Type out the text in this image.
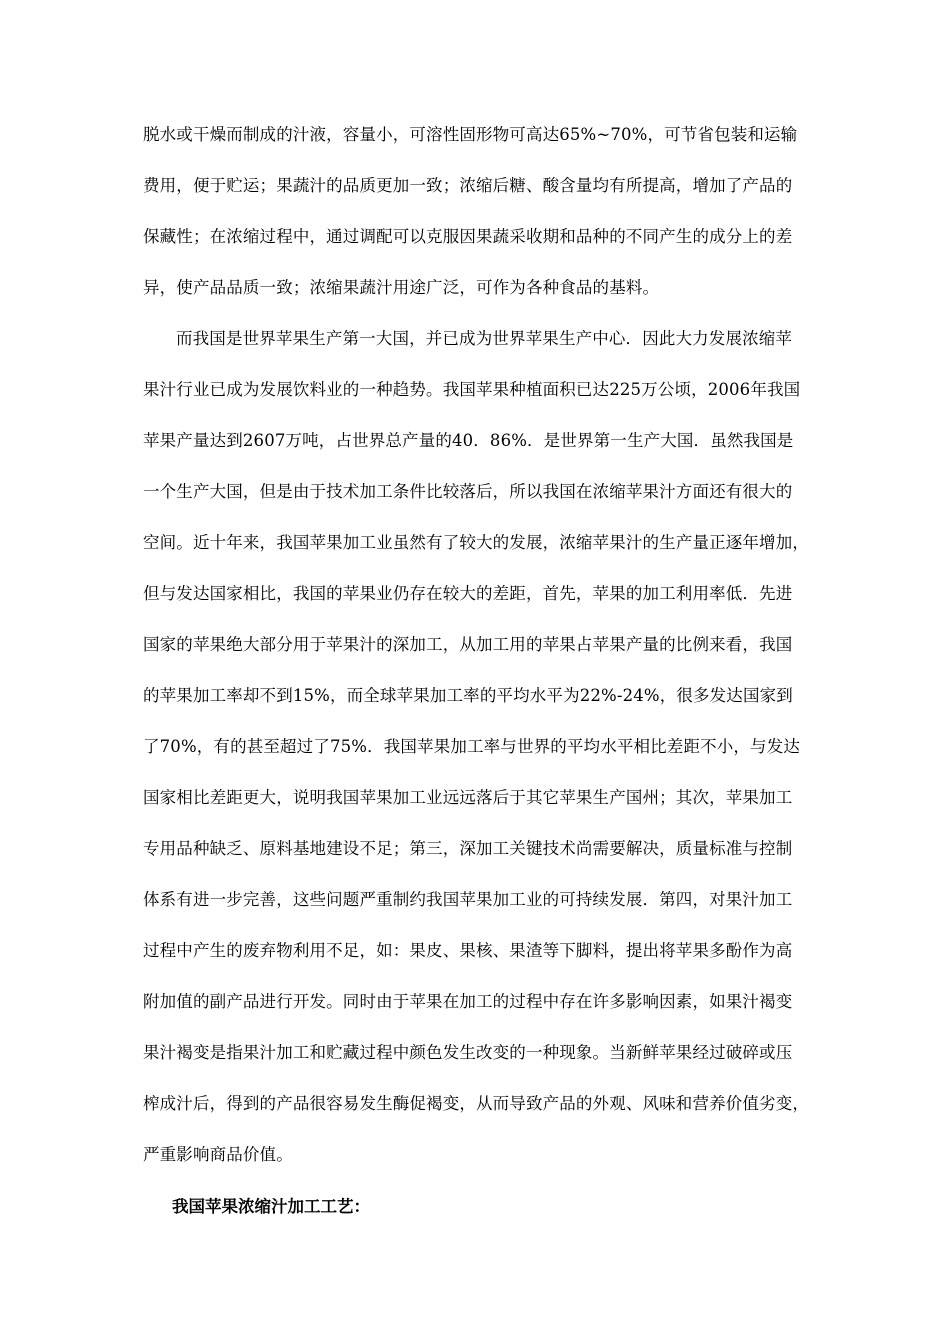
脱水或干燥而制成的汁液，容量小，可溶性固形物可高达65%~70%，可节省包装和运输
费用，便于贮运；果蔬汁的品质更加一致；浓缩后糖、酸含量均有所提高，增加了产品的
保藏性；在浓缩过程中，通过调配可以克服因果蔬采收期和品种的不同产生的成分上的差
异，使产品品质一致；浓缩果蔬汁用途广泛，可作为各种食品的基料。
而我国是世界苹果生产第一大国，并已成为世界苹果生产中心．因此大力发展浓缩苹
果汁行业已成为发展饮料业的一种趋势。我国苹果种植面积已达225万公顷，2006年我国
苹果产量达到2607万吨，占世界总产量的40．86%．是世界第一生产大国．虽然我国是
一个生产大国，但是由于技术加工条件比较落后，所以我国在浓缩苹果汁方面还有很大的
空间。近十年来，我国苹果加工业虽然有了较大的发展，浓缩苹果汁的生产量正逐年增加，
但与发达国家相比，我国的苹果业仍存在较大的差距，首先，苹果的加工利用率低．先进
国家的苹果绝大部分用于苹果汁的深加工，从加工用的苹果占苹果产量的比例来看，我国
的苹果加工率却不到15%，而全球苹果加工率的平均水平为22%-24%，很多发达国家到
了70%，有的甚至超过了75%．我国苹果加工率与世界的平均水平相比差距不小，与发达
国家相比差距更大，说明我国苹果加工业远远落后于其它苹果生产国州；其次，苹果加工
专用品种缺乏、原料基地建设不足；第三，深加工关键技术尚需要解决，质量标准与控制
体系有进一步完善，这些问题严重制约我国苹果加工业的可持续发展．第四，对果汁加工
过程中产生的废弃物利用不足，如：果皮、果核、果渣等下脚料，提出将苹果多酚作为高
附加值的副产品进行开发。同时由于苹果在加工的过程中存在许多影响因素，如果汁褐变
果汁褐变是指果汁加工和贮藏过程中颜色发生改变的一种现象。当新鲜苹果经过破碎或压
榨成汁后，得到的产品很容易发生酶促褐变，从而导致产品的外观、风味和营养价值劣变，
严重影响商品价值。
我国苹果浓缩汁加工工艺：
